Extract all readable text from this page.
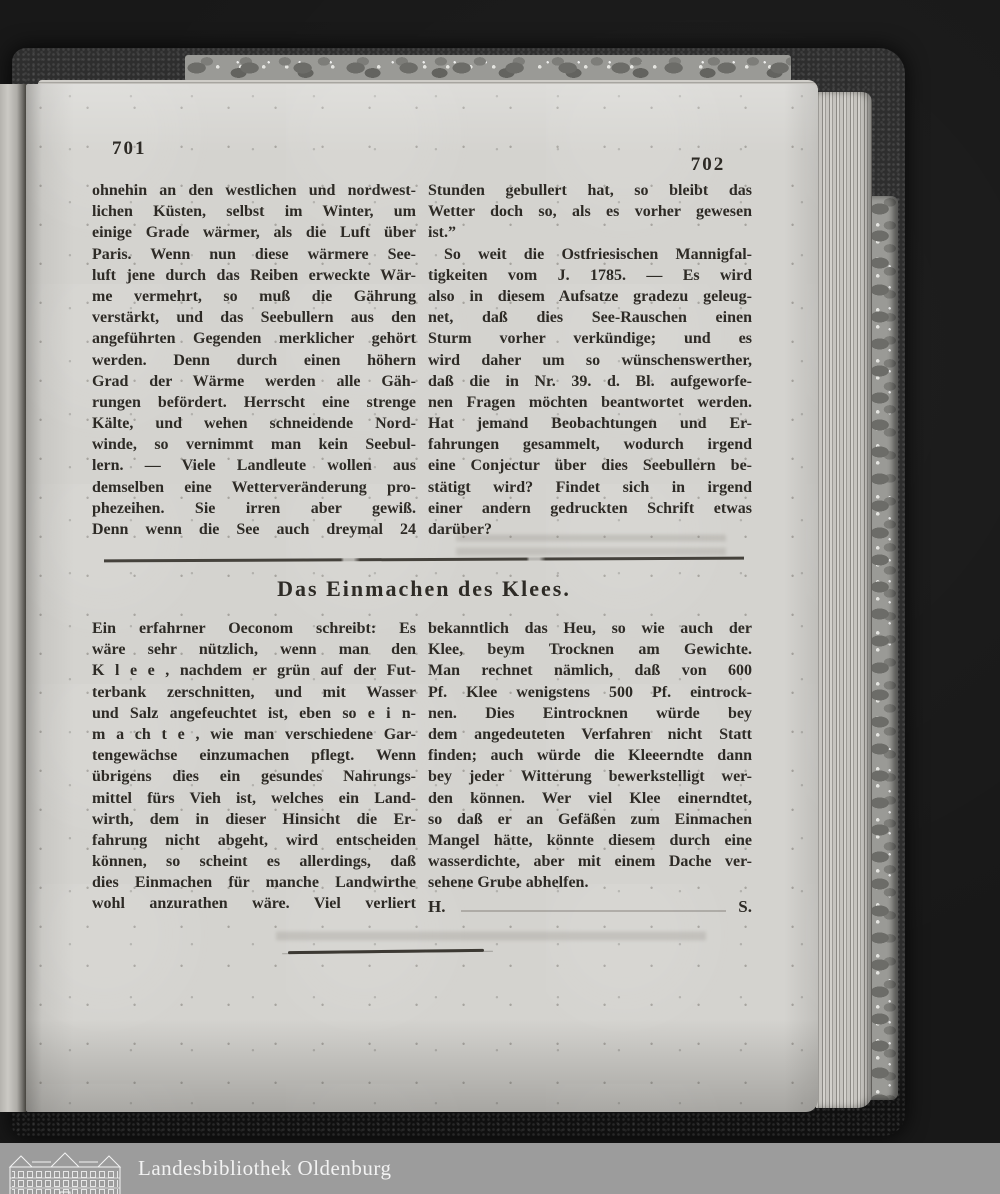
701
702
ohnehin an den westlichen und nordwest-
lichen Küsten, selbst im Winter, um
einige Grade wärmer, als die Luft über
Paris. Wenn nun diese wärmere See-
luft jene durch das Reiben erweckte Wär-
me vermehrt, so muß die Gährung
verstärkt, und das Seebullern aus den
angeführten Gegenden merklicher gehört
werden. Denn durch einen höhern
Grad der Wärme werden alle Gäh-
rungen befördert. Herrscht eine strenge
Kälte, und wehen schneidende Nord-
winde, so vernimmt man kein Seebul-
lern. — Viele Landleute wollen aus
demselben eine Wetterveränderung pro-
phezeihen. Sie irren aber gewiß.
Denn wenn die See auch dreymal 24
Stunden gebullert hat, so bleibt das
Wetter doch so, als es vorher gewesen
ist.”
So weit die Ostfriesischen Mannigfal-
tigkeiten vom J. 1785. — Es wird
also in diesem Aufsatze gradezu geleug-
net, daß dies See-Rauschen einen
Sturm vorher verkündige; und es
wird daher um so wünschenswerther,
daß die in Nr. 39. d. Bl. aufgeworfe-
nen Fragen möchten beantwortet werden.
Hat jemand Beobachtungen und Er-
fahrungen gesammelt, wodurch irgend
eine Conjectur über dies Seebullern be-
stätigt wird? Findet sich in irgend
einer andern gedruckten Schrift etwas
darüber?
Das Einmachen des Klees.
Ein erfahrner Oeconom schreibt: Es
wäre sehr nützlich, wenn man den
K l e e , nachdem er grün auf der Fut-
terbank zerschnitten, und mit Wasser
und Salz angefeuchtet ist, eben so e i n-
m a ch t e , wie man verschiedene Gar-
tengewächse einzumachen pflegt. Wenn
übrigens dies ein gesundes Nahrungs-
mittel fürs Vieh ist, welches ein Land-
wirth, dem in dieser Hinsicht die Er-
fahrung nicht abgeht, wird entscheiden
können, so scheint es allerdings, daß
dies Einmachen für manche Landwirthe
wohl anzurathen wäre. Viel verliert
bekanntlich das Heu, so wie auch der
Klee, beym Trocknen am Gewichte.
Man rechnet nämlich, daß von 600
Pf. Klee wenigstens 500 Pf. eintrock-
nen. Dies Eintrocknen würde bey
dem angedeuteten Verfahren nicht Statt
finden; auch würde die Kleeerndte dann
bey jeder Witterung bewerkstelligt wer-
den können. Wer viel Klee einerndtet,
so daß er an Gefäßen zum Einmachen
Mangel hätte, könnte diesem durch eine
wasserdichte, aber mit einem Dache ver-
sehene Grube abhelfen.
H.	S.
Landesbibliothek Oldenburg
